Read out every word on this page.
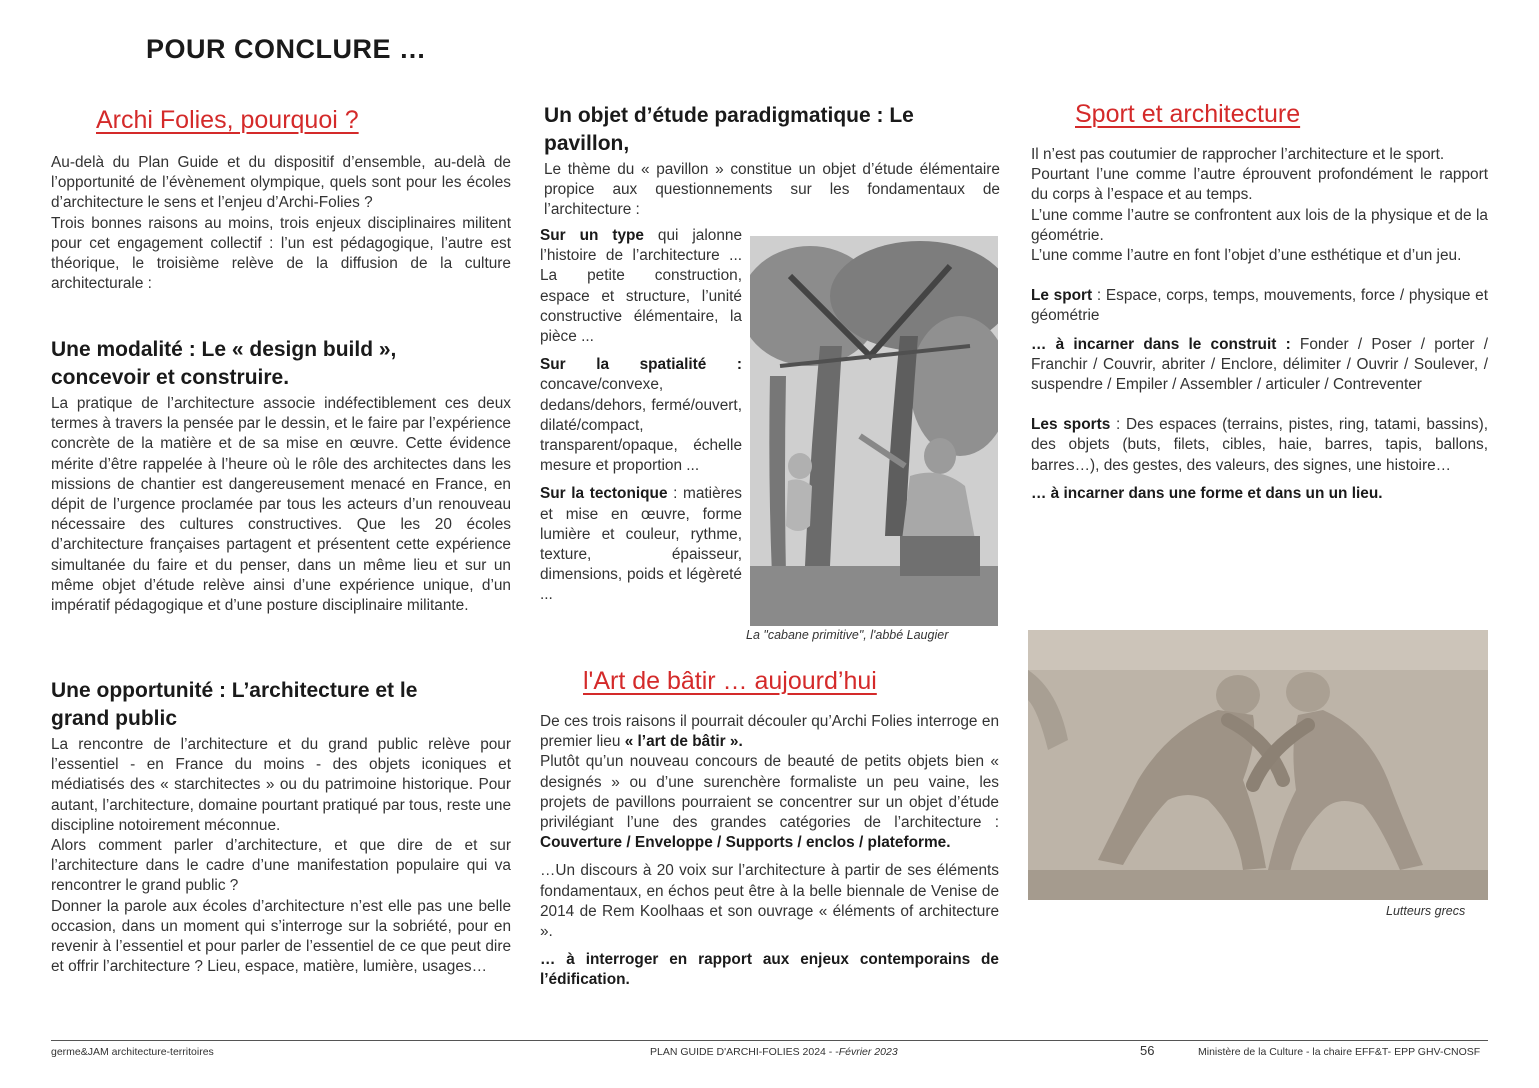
POUR CONCLURE …
Archi Folies, pourquoi ?

Au-delà du Plan Guide et du dispositif d’ensemble, au-delà de l’opportunité de l’évènement olympique, quels sont pour les écoles d’architecture le sens et l’enjeu d’Archi-Folies ?

Trois bonnes raisons au moins, trois enjeux disciplinaires militent pour cet engagement collectif : l’un est pédagogique, l’autre est théorique, le troisième relève de la diffusion de la culture architecturale :

Une modalité : Le « design build », concevoir et construire.

La pratique de l’architecture associe indéfectiblement ces deux termes à travers la pensée par le dessin, et le faire par l’expérience concrète de la matière et de sa mise en œuvre. Cette évidence mérite d’être rappelée à l’heure où le rôle des architectes dans les missions de chantier est dangereusement menacé en France, en dépit de l’urgence proclamée par tous les acteurs d’un renouveau nécessaire des cultures constructives. Que les 20 écoles d’architecture françaises partagent et présentent cette expérience simultanée du faire et du penser, dans un même lieu et sur un même objet d’étude relève ainsi d’une expérience unique, d’un impératif pédagogique et d’une posture disciplinaire militante.

Une opportunité : L’architecture et le grand public

La rencontre de l’architecture et du grand public relève pour l’essentiel - en France du moins - des objets iconiques et médiatisés des « starchitectes » ou du patrimoine historique. Pour autant, l’architecture, domaine pourtant pratiqué par tous, reste une discipline notoirement méconnue.

Alors comment parler d’architecture, et que dire de et sur l’architecture dans le cadre d’une manifestation populaire qui va rencontrer le grand public ?

Donner la parole aux écoles d’architecture n’est elle pas une belle occasion, dans un moment qui s’interroge sur la sobriété, pour en revenir à l’essentiel et pour parler de l’essentiel de ce que peut dire et offrir l’architecture ? Lieu, espace, matière, lumière, usages…

Un objet d’étude paradigmatique : Le pavillon,
Le thème du « pavillon » constitue un objet d’étude élémentaire propice aux questionnements sur les fondamentaux de l’architecture :

Sur un type qui jalonne l’histoire de l’architecture ... La petite construction, espace et structure, l’unité constructive élémentaire, la pièce ...

Sur la spatialité : concave/convexe, dedans/dehors, fermé/ouvert, dilaté/compact, transparent/opaque, échelle mesure et proportion ...

Sur la tectonique : matières et mise en œuvre, forme lumière et couleur, rythme, texture, épaisseur, dimensions, poids et légèreté ...

La "cabane primitive", l'abbé Laugier
l'Art de bâtir … aujourd’hui

De ces trois raisons il pourrait découler qu’Archi Folies interroge en premier lieu « l’art de bâtir ».

Plutôt qu’un nouveau concours de beauté de petits objets bien « designés » ou d’une surenchère formaliste un peu vaine, les projets de pavillons pourraient se concentrer sur un objet d’étude privilégiant l’une des grandes catégories de l’architecture : Couverture / Enveloppe / Supports / enclos / plateforme.

…Un discours à 20 voix sur l’architecture à partir de ses éléments fondamentaux, en échos peut être à la belle biennale de Venise de 2014 de Rem Koolhaas et son ouvrage « éléments of architecture ».

… à interroger en rapport aux enjeux contemporains de l’édification.

Sport et architecture

Il n’est pas coutumier de rapprocher l’architecture et le sport.

Pourtant l’une comme l’autre éprouvent profondément le rapport du corps à l’espace et au temps.

L’une comme l’autre se confrontent aux lois de la physique et de la géométrie.

L’une comme l’autre en font l’objet d’une esthétique et d’un jeu.

Le sport : Espace, corps, temps, mouvements, force / physique et géométrie

… à incarner dans le construit : Fonder / Poser / porter / Franchir / Couvrir, abriter / Enclore, délimiter / Ouvrir / Soulever, / suspendre / Empiler / Assembler / articuler / Contreventer

Les sports : Des espaces (terrains, pistes, ring, tatami, bassins), des objets (buts, filets, cibles, haie, barres, tapis, ballons, barres…), des gestes, des valeurs, des signes, une histoire…

… à incarner dans une forme et dans un un lieu.

Lutteurs grecs
germe&JAM architecture-territoires	PLAN GUIDE D'ARCHI-FOLIES 2024 - -Février 2023	56	Ministère de la Culture - la chaire EFF&T- EPP GHV-CNOSF
